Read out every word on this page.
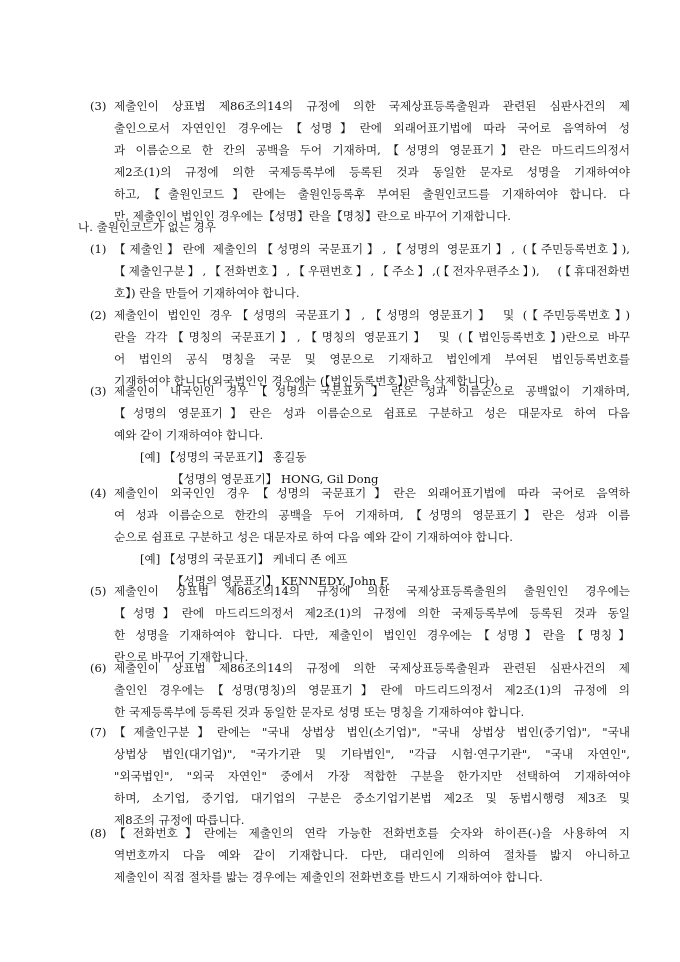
(3) 제출인이 상표법 제86조의14의 규정에 의한 국제상표등록출원과 관련된 심판사건의 제
출인으로서 자연인인 경우에는【성명】란에 외래어표기법에 따라 국어로 음역하여 성
과 이름순으로 한 칸의 공백을 두어 기재하며,【성명의 영문표기】란은 마드리드의정서
제2조(1)의 규정에 의한 국제등록부에 등록된 것과 동일한 문자로 성명을 기재하여야
하고,【출원인코드】란에는 출원인등록후 부여된 출원인코드를 기재하여야 합니다. 다
만, 제출인이 법인인 경우에는【성명】란을【명칭】란으로 바꾸어 기재합니다.
나. 출원인코드가 없는 경우
(1) 【제출인】란에 제출인의【성명의 국문표기】,【성명의 영문표기】, (【주민등록번호】),
【제출인구분】,【전화번호】,【우편번호】,【주소】,(【전자우편주소】),　(【휴대전화번
호】) 란을 만들어 기재하여야 합니다.
(2) 제출인이 법인인 경우【성명의 국문표기】,【성명의 영문표기】 및 (【주민등록번호】)
란을 각각【명칭의 국문표기】,【명칭의 영문표기】 및 (【법인등록번호】)란으로 바꾸
어 법인의 공식 명칭을 국문 및 영문으로 기재하고 법인에게 부여된 법인등록번호를
기재하여야 합니다(외국법인인 경우에는 (【법인등록번호】)란을 삭제합니다).
(3) 제출인이 내국인인 경우【성명의 국문표기】란은 성과 이름순으로 공백없이 기재하며,
【성명의 영문표기】란은 성과 이름순으로 쉼표로 구분하고 성은 대문자로 하여 다음
예와 같이 기재하여야 합니다.
[예] 【성명의 국문표기】 홍길동
【성명의 영문표기】 HONG, Gil Dong
(4) 제출인이 외국인인 경우【성명의 국문표기】란은 외래어표기법에 따라 국어로 음역하
여 성과 이름순으로 한칸의 공백을 두어 기재하며,【성명의 영문표기】란은 성과 이름
순으로 쉼표로 구분하고 성은 대문자로 하여 다음 예와 같이 기재하여야 합니다.
[예] 【성명의 국문표기】 케네디 존 에프
【성명의 영문표기】 KENNEDY, John F.
(5) 제출인이 상표법 제86조의14의 규정에 의한 국제상표등록출원의 출원인인 경우에는
【성명】란에 마드리드의정서 제2조(1)의 규정에 의한 국제등록부에 등록된 것과 동일
한 성명을 기재하여야 합니다. 다만, 제출인이 법인인 경우에는【성명】란을【명칭】
란으로 바꾸어 기재합니다.
(6) 제출인이 상표법 제86조의14의 규정에 의한 국제상표등록출원과 관련된 심판사건의 제
출인인 경우에는【성명(명칭)의 영문표기】란에 마드리드의정서 제2조(1)의 규정에 의
한 국제등록부에 등록된 것과 동일한 문자로 성명 또는 명칭을 기재하여야 합니다.
(7) 【제출인구분】란에는 "국내 상법상 법인(소기업)", "국내 상법상 법인(중기업)", "국내
상법상 법인(대기업)", "국가기관 및 기타법인", "각급 시험·연구기관", "국내 자연인",
"외국법인", "외국 자연인" 중에서 가장 적합한 구분을 한가지만 선택하여 기재하여야
하며, 소기업, 중기업, 대기업의 구분은 중소기업기본법 제2조 및 동법시행령 제3조 및
제8조의 규정에 따릅니다.
(8) 【전화번호】란에는 제출인의 연락 가능한 전화번호를 숫자와 하이픈(-)을 사용하여 지
역번호까지 다음 예와 같이 기재합니다. 다만, 대리인에 의하여 절차를 밟지 아니하고
제출인이 직접 절차를 밟는 경우에는 제출인의 전화번호를 반드시 기재하여야 합니다.
